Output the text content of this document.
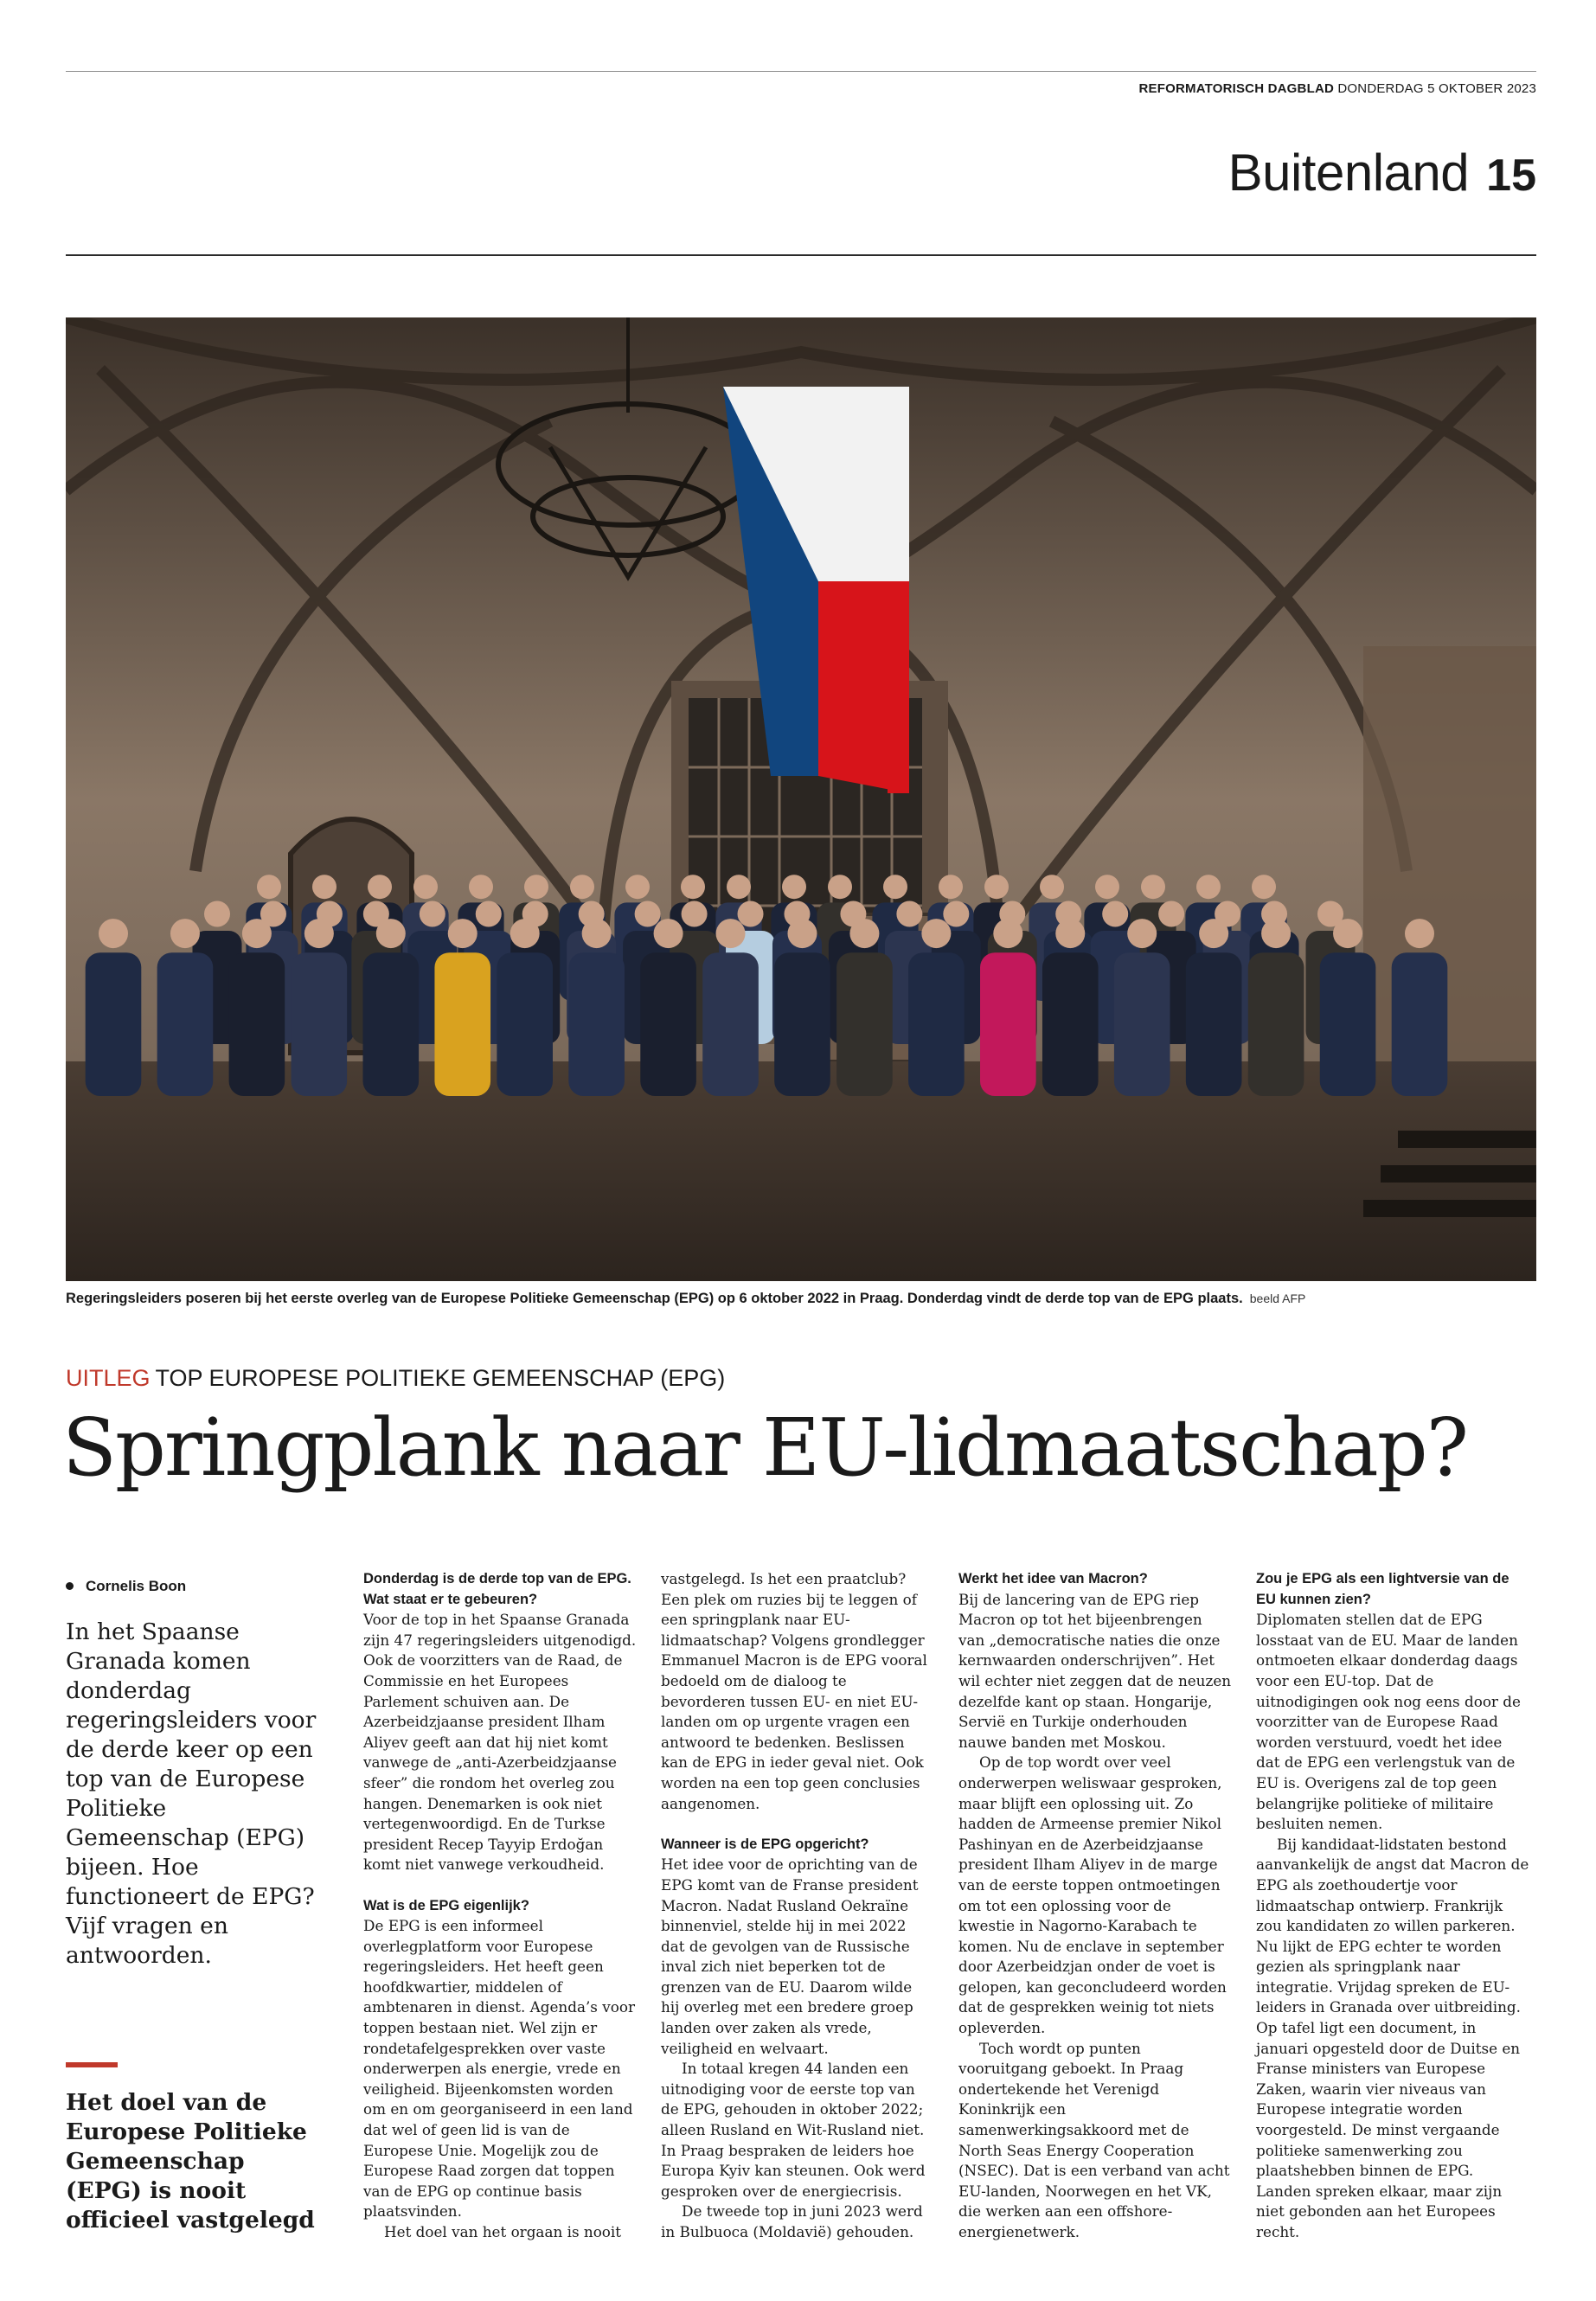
REFORMATORISCH DAGBLAD DONDERDAG 5 OKTOBER 2023
Buitenland 15
Regeringsleiders poseren bij het eerste overleg van de Europese Politieke Gemeenschap (EPG) op 6 oktober 2022 in Praag. Donderdag vindt de derde top van de EPG plaats. beeld AFP
UITLEG TOP EUROPESE POLITIEKE GEMEENSCHAP (EPG)
Springplank naar EU-lidmaatschap?
Cornelis Boon

In het Spaanse Granada komen donderdag regeringsleiders voor de derde keer op een top van de Europese Politieke Gemeenschap (EPG) bijeen. Hoe functioneert de EPG? Vijf vragen en antwoorden.

Het doel van de Europese Politieke Gemeenschap (EPG) is nooit officieel vastgelegd

Donderdag is de derde top van de EPG. Wat staat er te gebeuren?

Voor de top in het Spaanse Granada zijn 47 regeringsleiders uitgenodigd. Ook de voorzitters van de Raad, de Commissie en het Europees Parlement schuiven aan. De Azerbeidzjaanse president Ilham Aliyev geeft aan dat hij niet komt vanwege de „anti-Azerbeidzjaanse sfeer” die rondom het overleg zou hangen. Denemarken is ook niet vertegenwoordigd. En de Turkse president Recep Tayyip Erdoğan komt niet vanwege verkoudheid.

Wat is de EPG eigenlijk?

De EPG is een informeel overlegplatform voor Europese regeringsleiders. Het heeft geen hoofdkwartier, middelen of ambtenaren in dienst. Agenda’s voor toppen bestaan niet. Wel zijn er rondetafelgesprekken over vaste onderwerpen als energie, vrede en veiligheid. Bijeenkomsten worden om en om georganiseerd in een land dat wel of geen lid is van de Europese Unie. Mogelijk zou de Europese Raad zorgen dat toppen van de EPG op continue basis plaatsvinden.

Het doel van het orgaan is nooit

vastgelegd. Is het een praatclub? Een plek om ruzies bij te leggen of een springplank naar EU-lidmaatschap? Volgens grondlegger Emmanuel Macron is de EPG vooral bedoeld om de dialoog te bevorderen tussen EU- en niet EU-landen om op urgente vragen een antwoord te bedenken. Beslissen kan de EPG in ieder geval niet. Ook worden na een top geen conclusies aangenomen.

Wanneer is de EPG opgericht?

Het idee voor de oprichting van de EPG komt van de Franse president Macron. Nadat Rusland Oekraïne binnenviel, stelde hij in mei 2022 dat de gevolgen van de Russische inval zich niet beperken tot de grenzen van de EU. Daarom wilde hij overleg met een bredere groep landen over zaken als vrede, veiligheid en welvaart.

In totaal kregen 44 landen een uitnodiging voor de eerste top van de EPG, gehouden in oktober 2022; alleen Rusland en Wit-Rusland niet. In Praag bespraken de leiders hoe Europa Kyiv kan steunen. Ook werd gesproken over de energiecrisis.

De tweede top in juni 2023 werd in Bulbuoca (Moldavië) gehouden.

Werkt het idee van Macron?

Bij de lancering van de EPG riep Macron op tot het bijeenbrengen van „democratische naties die onze kernwaarden onderschrijven”. Het wil echter niet zeggen dat de neuzen dezelfde kant op staan. Hongarije, Servië en Turkije onderhouden nauwe banden met Moskou.

Op de top wordt over veel onderwerpen weliswaar gesproken, maar blijft een oplossing uit. Zo hadden de Armeense premier Nikol Pashinyan en de Azerbeidzjaanse president Ilham Aliyev in de marge van de eerste toppen ontmoetingen om tot een oplossing voor de kwestie in Nagorno-Karabach te komen. Nu de enclave in september door Azerbeidzjan onder de voet is gelopen, kan geconcludeerd worden dat de gesprekken weinig tot niets opleverden.

Toch wordt op punten vooruitgang geboekt. In Praag ondertekende het Verenigd Koninkrijk een samenwerkingsakkoord met de North Seas Energy Cooperation (NSEC). Dat is een verband van acht EU-landen, Noorwegen en het VK, die werken aan een offshore-energienetwerk.

Zou je EPG als een lightversie van de EU kunnen zien?

Diplomaten stellen dat de EPG losstaat van de EU. Maar de landen ontmoeten elkaar donderdag daags voor een EU-top. Dat de uitnodigingen ook nog eens door de voorzitter van de Europese Raad worden verstuurd, voedt het idee dat de EPG een verlengstuk van de EU is. Overigens zal de top geen belangrijke politieke of militaire besluiten nemen.

Bij kandidaat-lidstaten bestond aanvankelijk de angst dat Macron de EPG als zoethoudertje voor lidmaatschap ontwierp. Frankrijk zou kandidaten zo willen parkeren. Nu lijkt de EPG echter te worden gezien als springplank naar integratie. Vrijdag spreken de EU-leiders in Granada over uitbreiding. Op tafel ligt een document, in januari opgesteld door de Duitse en Franse ministers van Europese Zaken, waarin vier niveaus van Europese integratie worden voorgesteld. De minst vergaande politieke samenwerking zou plaatshebben binnen de EPG. Landen spreken elkaar, maar zijn niet gebonden aan het Europees recht.
